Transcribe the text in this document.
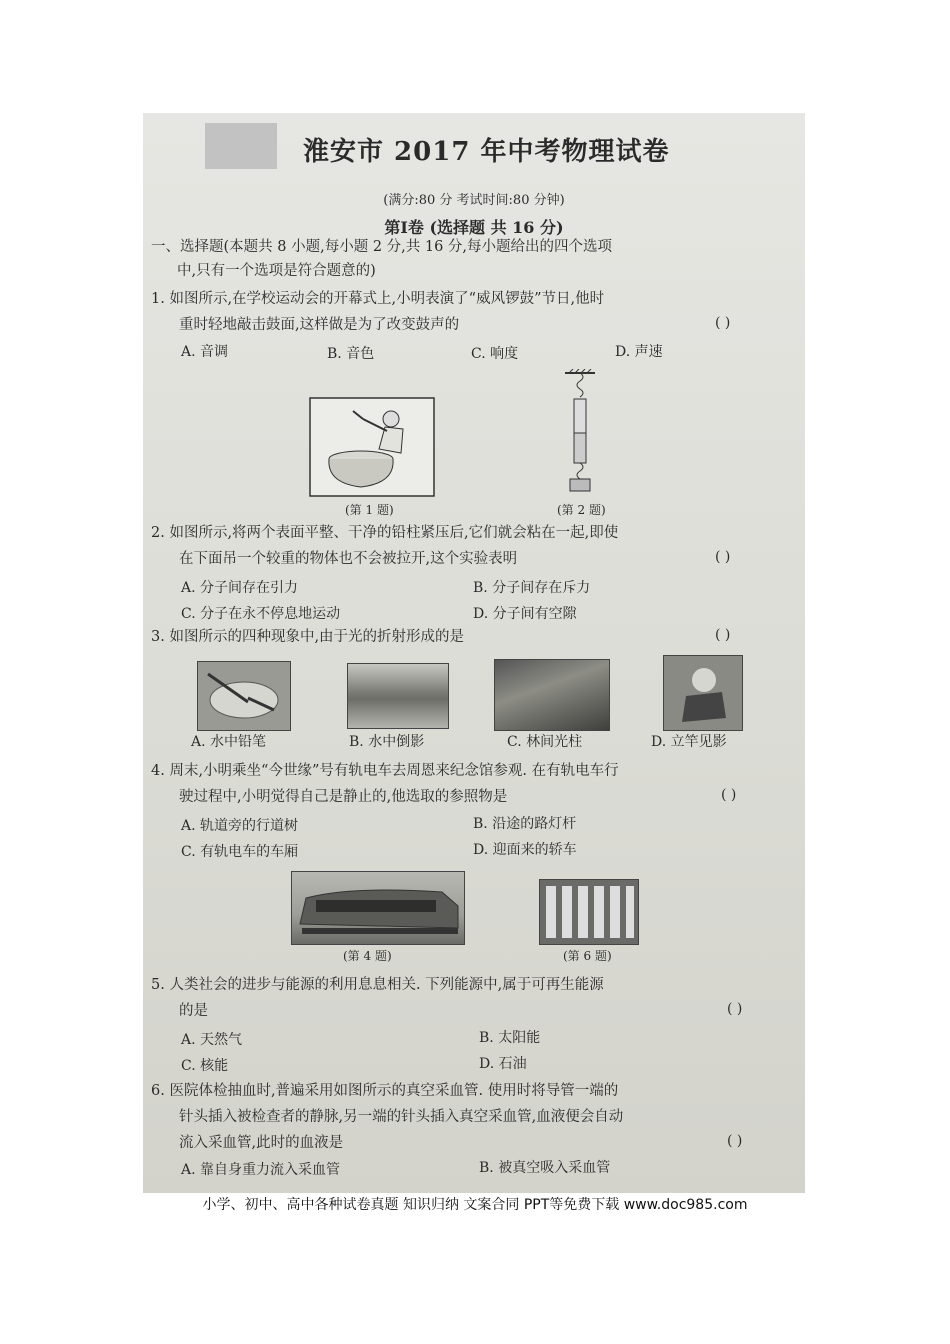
淮安市 2017 年中考物理试卷
(满分:80 分 考试时间:80 分钟)
第Ⅰ卷 (选择题 共 16 分)
一、选择题(本题共 8 小题,每小题 2 分,共 16 分,每小题给出的四个选项
中,只有一个选项是符合题意的)
1. 如图所示,在学校运动会的开幕式上,小明表演了“威风锣鼓”节日,他时
重时轻地敲击鼓面,这样做是为了改变鼓声的	( )
A. 音调	B. 音色	C. 响度	D. 声速
(第 1 题)	(第 2 题)
2. 如图所示,将两个表面平整、干净的铅柱紧压后,它们就会粘在一起,即使
在下面吊一个较重的物体也不会被拉开,这个实验表明	( )
A. 分子间存在引力	B. 分子间存在斥力
C. 分子在永不停息地运动	D. 分子间有空隙
3. 如图所示的四种现象中,由于光的折射形成的是	( )
A. 水中铅笔	B. 水中倒影	C. 林间光柱	D. 立竿见影
4. 周末,小明乘坐“今世缘”号有轨电车去周恩来纪念馆参观. 在有轨电车行
驶过程中,小明觉得自己是静止的,他选取的参照物是	( )
A. 轨道旁的行道树	B. 沿途的路灯杆
C. 有轨电车的车厢	D. 迎面来的轿车
(第 4 题)	(第 6 题)
5. 人类社会的进步与能源的利用息息相关. 下列能源中,属于可再生能源
的是	( )
A. 天然气	B. 太阳能
C. 核能	D. 石油
6. 医院体检抽血时,普遍采用如图所示的真空采血管. 使用时将导管一端的
针头插入被检查者的静脉,另一端的针头插入真空采血管,血液便会自动
流入采血管,此时的血液是	( )
A. 靠自身重力流入采血管	B. 被真空吸入采血管
小学、初中、高中各种试卷真题 知识归纳 文案合同 PPT等免费下载 www.doc985.com
